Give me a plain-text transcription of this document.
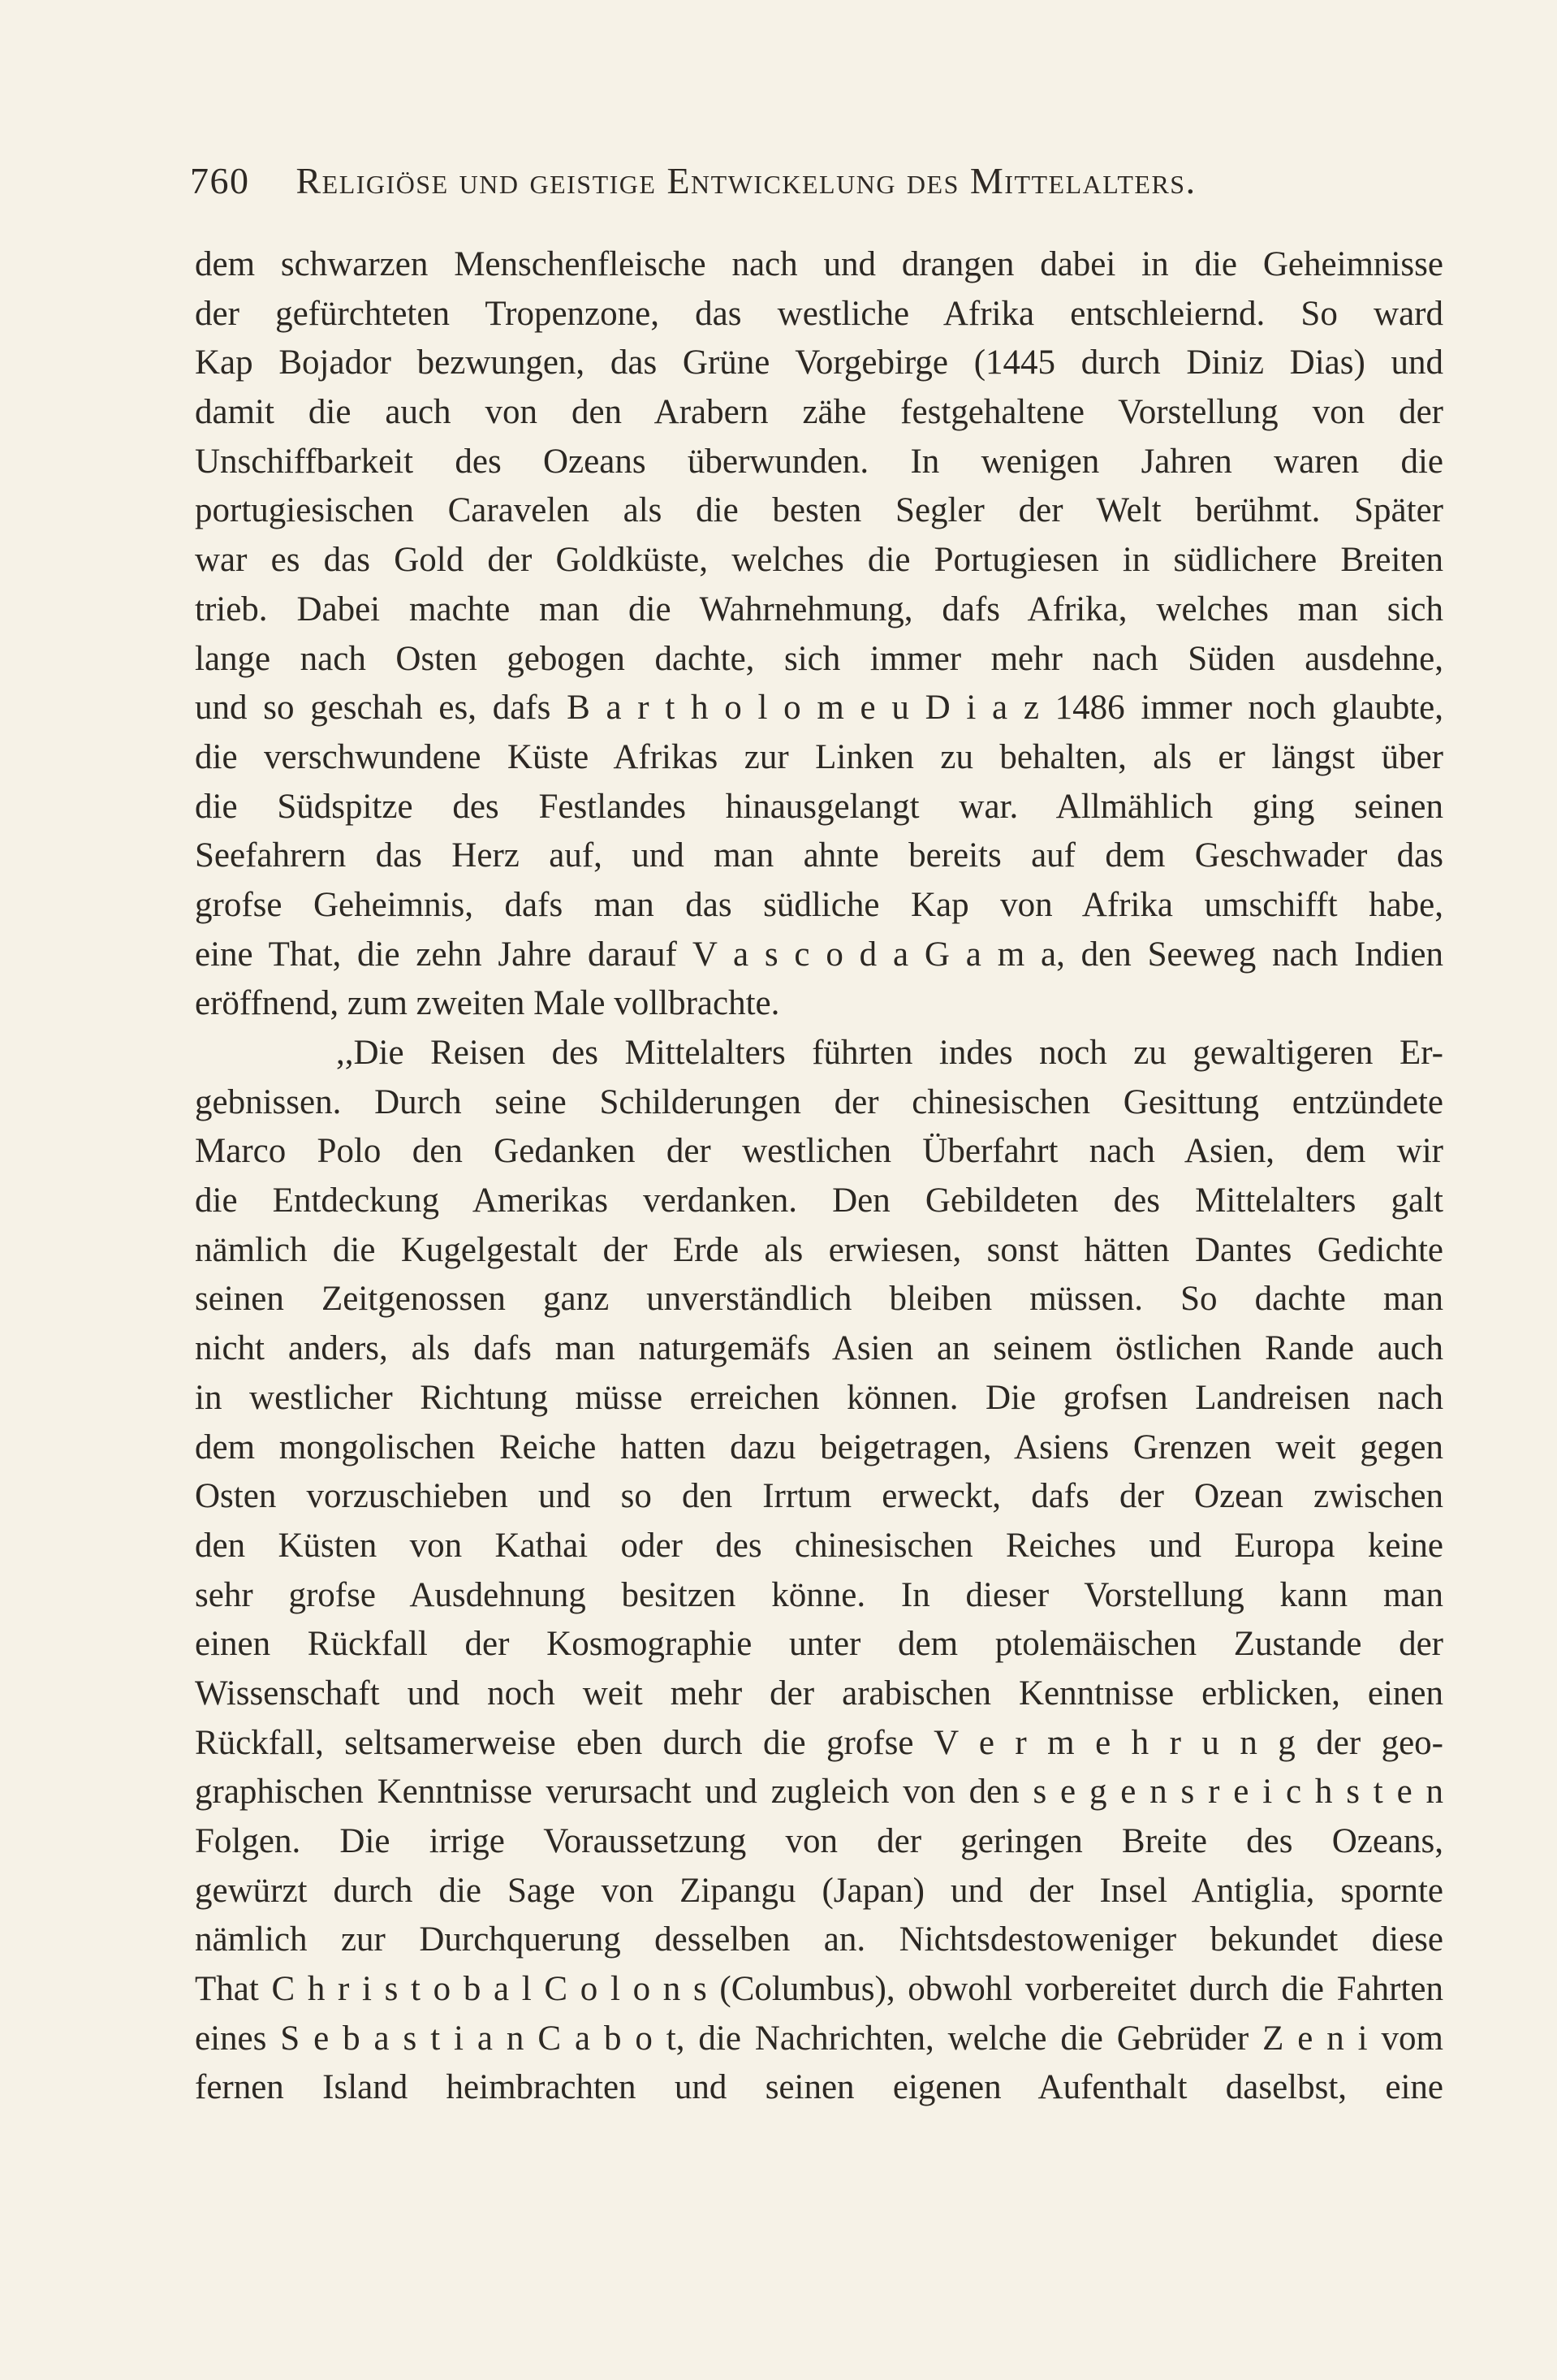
760 Religiöse und geistige Entwickelung des Mittelalters.
dem schwarzen Menschenfleische nach und drangen dabei in die Geheimnisse
der gefürchteten Tropenzone, das westliche Afrika entschleiernd. So ward
Kap Bojador bezwungen, das Grüne Vorgebirge (1445 durch Diniz Dias) und
damit die auch von den Arabern zähe festgehaltene Vorstellung von der
Unschiffbarkeit des Ozeans überwunden. In wenigen Jahren waren die
portugiesischen Caravelen als die besten Segler der Welt berühmt. Später
war es das Gold der Goldküste, welches die Portugiesen in südlichere Breiten
trieb. Dabei machte man die Wahrnehmung, dafs Afrika, welches man sich
lange nach Osten gebogen dachte, sich immer mehr nach Süden ausdehne,
und so geschah es, dafs B a r t h o l o m e u D i a z 1486 immer noch glaubte,
die verschwundene Küste Afrikas zur Linken zu behalten, als er längst über
die Südspitze des Festlandes hinausgelangt war. Allmählich ging seinen
Seefahrern das Herz auf, und man ahnte bereits auf dem Geschwader das
grofse Geheimnis, dafs man das südliche Kap von Afrika umschifft habe,
eine That, die zehn Jahre darauf V a s c o d a G a m a, den Seeweg nach Indien
eröffnend, zum zweiten Male vollbrachte.
,,Die Reisen des Mittelalters führten indes noch zu gewaltigeren Er-
gebnissen. Durch seine Schilderungen der chinesischen Gesittung entzündete
Marco Polo den Gedanken der westlichen Überfahrt nach Asien, dem wir
die Entdeckung Amerikas verdanken. Den Gebildeten des Mittelalters galt
nämlich die Kugelgestalt der Erde als erwiesen, sonst hätten Dantes Gedichte
seinen Zeitgenossen ganz unverständlich bleiben müssen. So dachte man
nicht anders, als dafs man naturgemäfs Asien an seinem östlichen Rande auch
in westlicher Richtung müsse erreichen können. Die grofsen Landreisen nach
dem mongolischen Reiche hatten dazu beigetragen, Asiens Grenzen weit gegen
Osten vorzuschieben und so den Irrtum erweckt, dafs der Ozean zwischen
den Küsten von Kathai oder des chinesischen Reiches und Europa keine
sehr grofse Ausdehnung besitzen könne. In dieser Vorstellung kann man
einen Rückfall der Kosmographie unter dem ptolemäischen Zustande der
Wissenschaft und noch weit mehr der arabischen Kenntnisse erblicken, einen
Rückfall, seltsamerweise eben durch die grofse V e r m e h r u n g der geo-
graphischen Kenntnisse verursacht und zugleich von den s e g e n s r e i c h s t e n
Folgen. Die irrige Voraussetzung von der geringen Breite des Ozeans,
gewürzt durch die Sage von Zipangu (Japan) und der Insel Antiglia, spornte
nämlich zur Durchquerung desselben an. Nichtsdestoweniger bekundet diese
That C h r i s t o b a l C o l o n s (Columbus), obwohl vorbereitet durch die Fahrten
eines S e b a s t i a n C a b o t, die Nachrichten, welche die Gebrüder Z e n i vom
fernen Island heimbrachten und seinen eigenen Aufenthalt daselbst, eine
